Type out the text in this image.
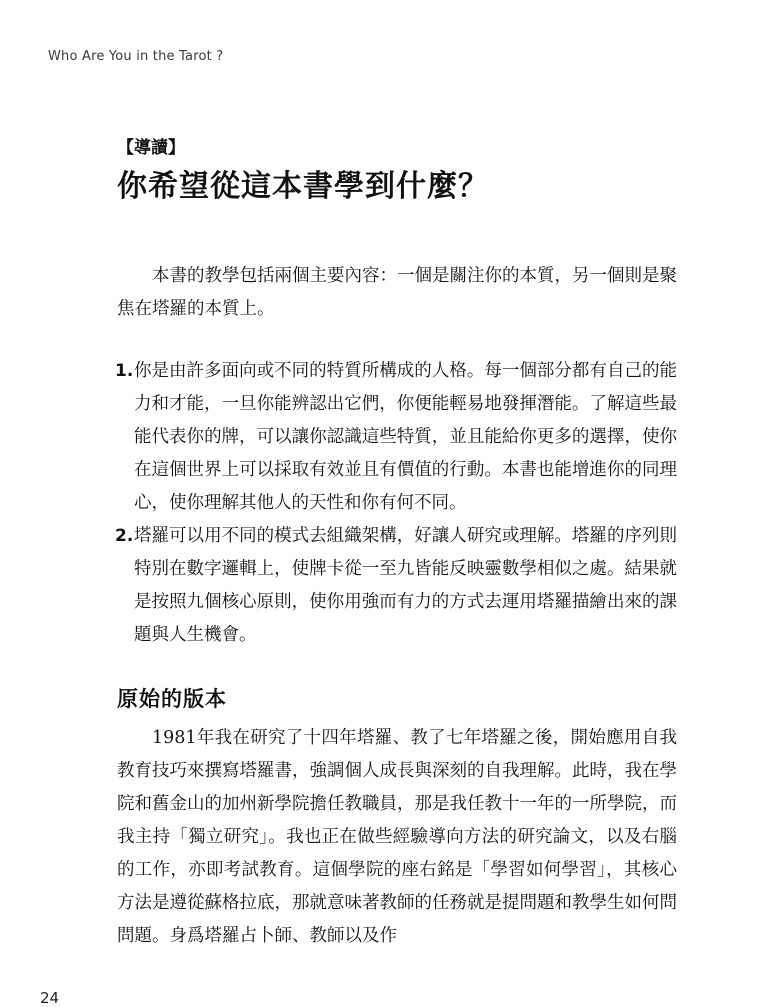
Who Are You in the Tarot ?
【導讀】
你希望從這本書學到什麼？

本書的教學包括兩個主要內容：一個是關注你的本質，另一個則是聚焦在塔羅的本質上。

1. 你是由許多面向或不同的特質所構成的人格。每一個部分都有自己的能力和才能，一旦你能辨認出它們，你便能輕易地發揮潛能。了解這些最能代表你的牌，可以讓你認識這些特質，並且能給你更多的選擇，使你在這個世界上可以採取有效並且有價值的行動。本書也能增進你的同理心，使你理解其他人的天性和你有何不同。
2. 塔羅可以用不同的模式去組織架構，好讓人研究或理解。塔羅的序列則特別在數字邏輯上，使牌卡從一至九皆能反映靈數學相似之處。結果就是按照九個核心原則，使你用強而有力的方式去運用塔羅描繪出來的課題與人生機會。
原始的版本

1981年我在研究了十四年塔羅、教了七年塔羅之後，開始應用自我教育技巧來撰寫塔羅書，強調個人成長與深刻的自我理解。此時，我在學院和舊金山的加州新學院擔任教職員，那是我任教十一年的一所學院，而我主持「獨立研究」。我也正在做些經驗導向方法的研究論文，以及右腦的工作，亦即考試教育。這個學院的座右銘是「學習如何學習」，其核心方法是遵從蘇格拉底，那就意味著教師的任務就是提問題和教學生如何問問題。身爲塔羅占卜師、教師以及作

24
